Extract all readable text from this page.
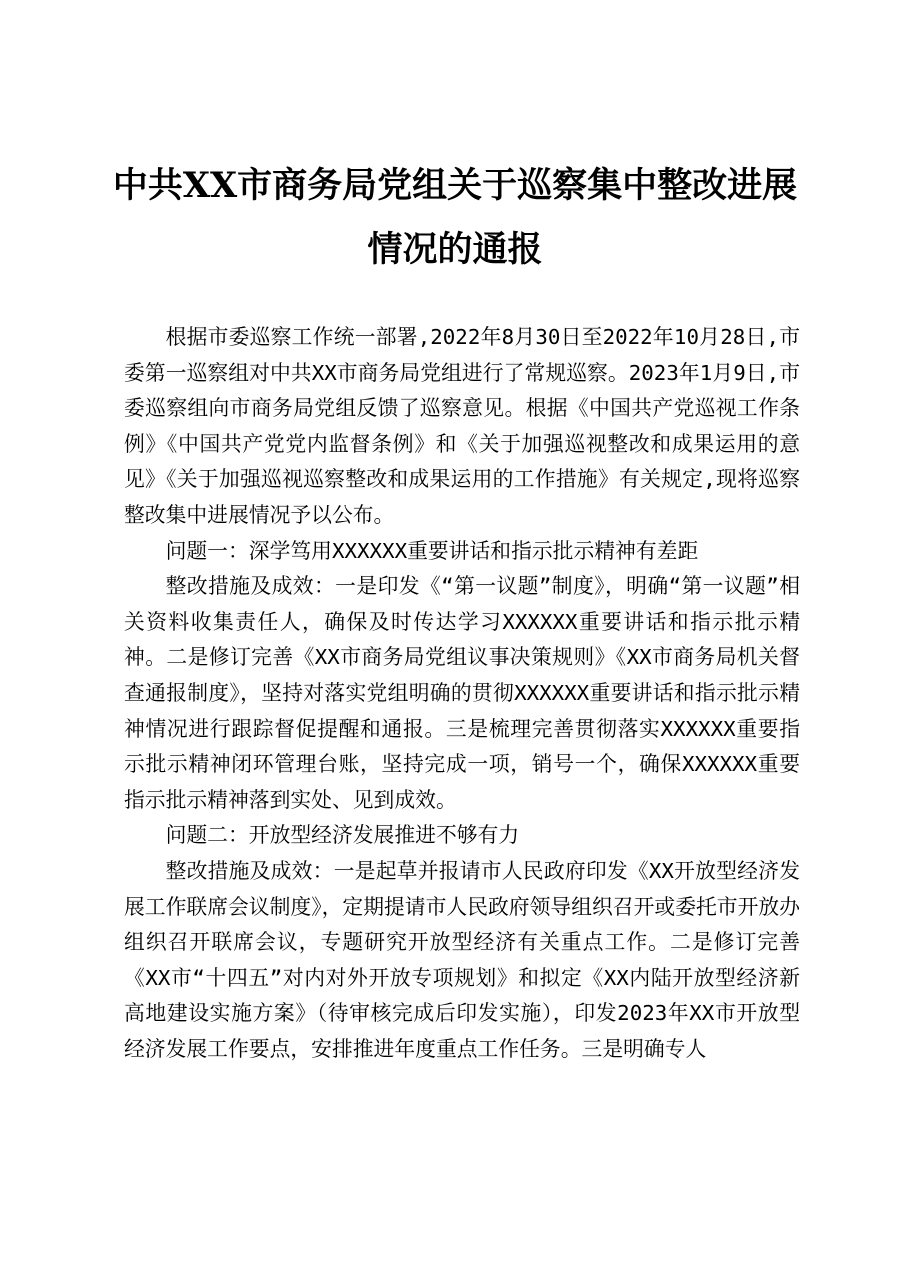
中共XX市商务局党组关于巡察集中整改进展
情况的通报

根据市委巡察工作统一部署,2022年8月30日至2022年10月28日,市委第一巡察组对中共XX市商务局党组进行了常规巡察。2023年1月9日,市委巡察组向市商务局党组反馈了巡察意见。根据《中国共产党巡视工作条例》《中国共产党党内监督条例》和《关于加强巡视整改和成果运用的意见》《关于加强巡视巡察整改和成果运用的工作措施》有关规定,现将巡察整改集中进展情况予以公布。

问题一：深学笃用XXXXXX重要讲话和指示批示精神有差距

整改措施及成效：一是印发《“第一议题”制度》，明确“第一议题”相关资料收集责任人，确保及时传达学习XXXXXX重要讲话和指示批示精神。二是修订完善《XX市商务局党组议事决策规则》《XX市商务局机关督查通报制度》，坚持对落实党组明确的贯彻XXXXXX重要讲话和指示批示精神情况进行跟踪督促提醒和通报。三是梳理完善贯彻落实XXXXXX重要指示批示精神闭环管理台账，坚持完成一项，销号一个，确保XXXXXX重要指示批示精神落到实处、见到成效。

问题二：开放型经济发展推进不够有力

整改措施及成效：一是起草并报请市人民政府印发《XX开放型经济发展工作联席会议制度》，定期提请市人民政府领导组织召开或委托市开放办组织召开联席会议，专题研究开放型经济有关重点工作。二是修订完善《XX市“十四五”对内对外开放专项规划》和拟定《XX内陆开放型经济新高地建设实施方案》（待审核完成后印发实施），印发2023年XX市开放型经济发展工作要点，安排推进年度重点工作任务。三是明确专人
